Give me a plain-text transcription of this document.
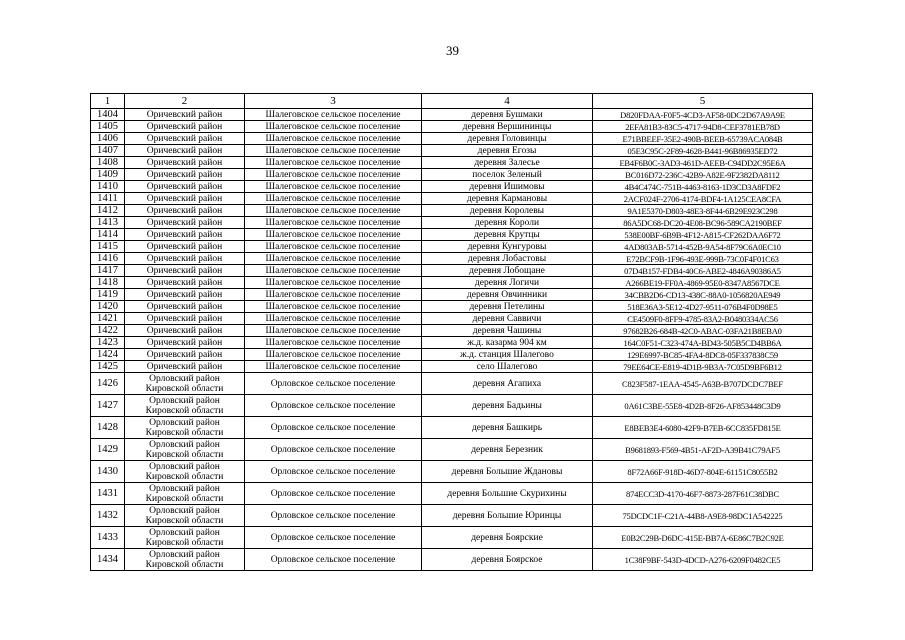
39
1	2	3	4	5
1404	Оричевский район	Шалеговское сельское поселение	деревня Бушмаки	D820FDAA-F0F5-4CD3-AF58-0DC2D67A9A9E
1405	Оричевский район	Шалеговское сельское поселение	деревня Вершининцы	2EFA81B3-83C5-4717-94D8-CEF3781EB78D
1406	Оричевский район	Шалеговское сельское поселение	деревня Головинцы	E71BBEEF-35E2-490B-BEEB-65739ACA084B
1407	Оричевский район	Шалеговское сельское поселение	деревня Егозы	05E3C95C-2F89-4628-B441-96B86935ED72
1408	Оричевский район	Шалеговское сельское поселение	деревня Залесье	EB4F6B0C-3AD3-461D-AEEB-C94DD2C95E6A
1409	Оричевский район	Шалеговское сельское поселение	поселок Зеленый	BC016D72-236C-42B9-A82E-9F2382DA8112
1410	Оричевский район	Шалеговское сельское поселение	деревня Ишимовы	4B4C474C-751B-4463-8163-1D3CD3A8FDF2
1411	Оричевский район	Шалеговское сельское поселение	деревня Кармановы	2ACF024F-2706-4174-BDF4-1A125CEA8CFA
1412	Оричевский район	Шалеговское сельское поселение	деревня Королевы	9A1E5370-D803-48E3-8F44-6B29E923C298
1413	Оричевский район	Шалеговское сельское поселение	деревня Короли	86A5DC68-DC20-4E08-BC96-589CA2190BEF
1414	Оричевский район	Шалеговское сельское поселение	деревня Крутцы	538E00BF-6B9B-4F12-A815-CF262DAA6F72
1415	Оричевский район	Шалеговское сельское поселение	деревня Кунгуровы	4AD803AB-5714-452B-9A54-8F79C6A0EC10
1416	Оричевский район	Шалеговское сельское поселение	деревня Лобастовы	E72BCF9B-1F96-493E-999B-73C0F4F01C63
1417	Оричевский район	Шалеговское сельское поселение	деревня Лобощане	07D4B157-FDB4-40C6-ABE2-4846A90386A5
1418	Оричевский район	Шалеговское сельское поселение	деревня Логичи	A266BE19-FF0A-4869-95E0-8347A8567DCE
1419	Оричевский район	Шалеговское сельское поселение	деревня Овчинники	34CBB2D6-CD13-438C-88A0-1056820AE949
1420	Оричевский район	Шалеговское сельское поселение	деревня Петелины	518E36A3-5E12-4D27-9511-076B4F0D98E5
1421	Оричевский район	Шалеговское сельское поселение	деревня Саввичи	CE4509F0-8FF9-4785-83A2-B0480334AC56
1422	Оричевский район	Шалеговское сельское поселение	деревня Чашины	97682B26-684B-42C0-ABAC-03FA21B8EBA0
1423	Оричевский район	Шалеговское сельское поселение	ж.д. казарма 904 км	164C0F51-C323-474A-BD43-505B5CD4BB6A
1424	Оричевский район	Шалеговское сельское поселение	ж.д. станция Шалегово	129E6997-BC85-4FA4-8DC8-05F337838C59
1425	Оричевский район	Шалеговское сельское поселение	село Шалегово	79EE64CE-E819-4D1B-9B3A-7C05D9BF6B12
1426	Орловский район Кировской области	Орловское сельское поселение	деревня Агапиха	C823F587-1EAA-4545-A63B-B707DCDC7BEF
1427	Орловский район Кировской области	Орловское сельское поселение	деревня Бадьины	0A61C3BE-55E8-4D2B-8F26-AF853448C3D9
1428	Орловский район Кировской области	Орловское сельское поселение	деревня Башкирь	E8BEB3E4-6080-42F9-B7EB-6CC835FD815E
1429	Орловский район Кировской области	Орловское сельское поселение	деревня Березник	B9681893-F569-4B51-AF2D-A39B41C79AF5
1430	Орловский район Кировской области	Орловское сельское поселение	деревня Большие Ждановы	8F72A66F-918D-46D7-804E-61151C8055B2
1431	Орловский район Кировской области	Орловское сельское поселение	деревня Большие Скурихины	874ECC3D-4170-46F7-8873-287F61C38DBC
1432	Орловский район Кировской области	Орловское сельское поселение	деревня Большие Юринцы	75DCDC1F-C21A-44B8-A9E8-98DC1A542225
1433	Орловский район Кировской области	Орловское сельское поселение	деревня Боярские	E0B2C29B-D6DC-415E-BB7A-6E86C7B2C92E
1434	Орловский район Кировской области	Орловское сельское поселение	деревня Боярское	1C38F9BF-543D-4DCD-A276-6209F0482CE5
